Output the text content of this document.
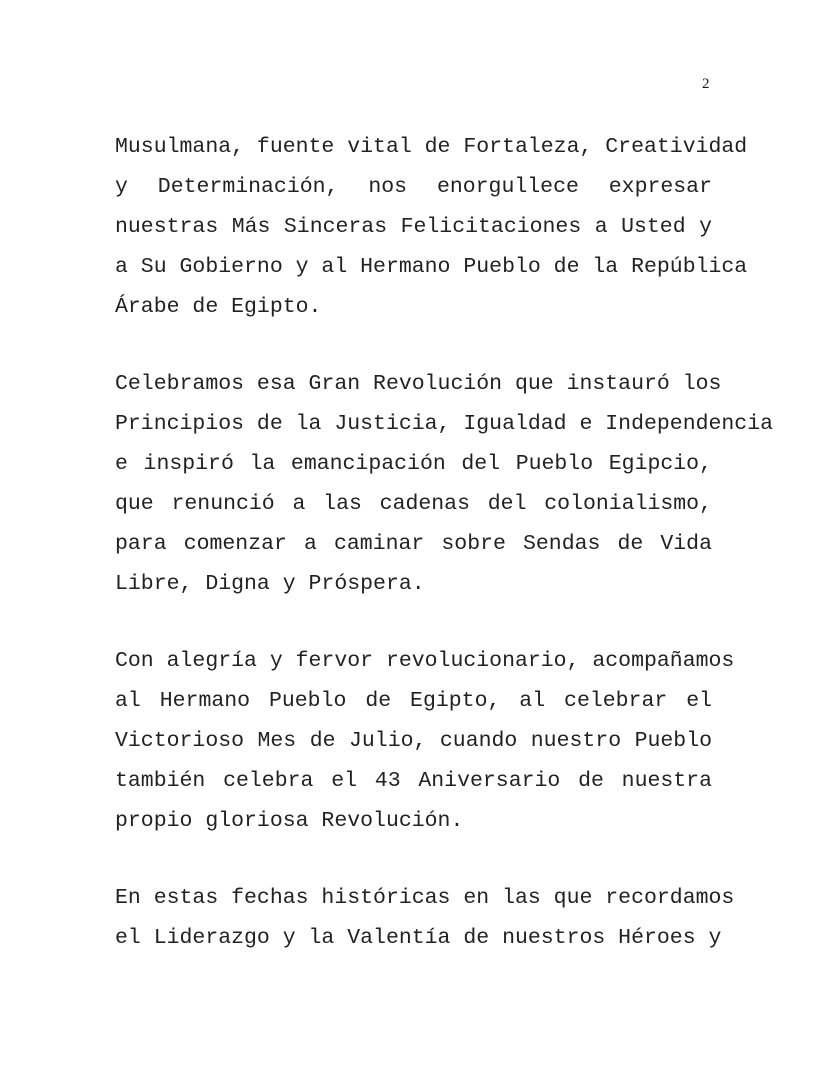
2

Musulmana, fuente vital de Fortaleza, Creatividad
y Determinación, nos enorgullece expresar
nuestras Más Sinceras Felicitaciones a Usted y
a Su Gobierno y al Hermano Pueblo de la República
Árabe de Egipto.

Celebramos esa Gran Revolución que instauró los
Principios de la Justicia, Igualdad e Independencia
e inspiró la emancipación del Pueblo Egipcio,
que renunció a las cadenas del colonialismo,
para comenzar a caminar sobre Sendas de Vida
Libre, Digna y Próspera.

Con alegría y fervor revolucionario, acompañamos
al Hermano Pueblo de Egipto, al celebrar el
Victorioso Mes de Julio, cuando nuestro Pueblo
también celebra el 43 Aniversario de nuestra
propio gloriosa Revolución.

En estas fechas históricas en las que recordamos
el Liderazgo y la Valentía de nuestros Héroes y
